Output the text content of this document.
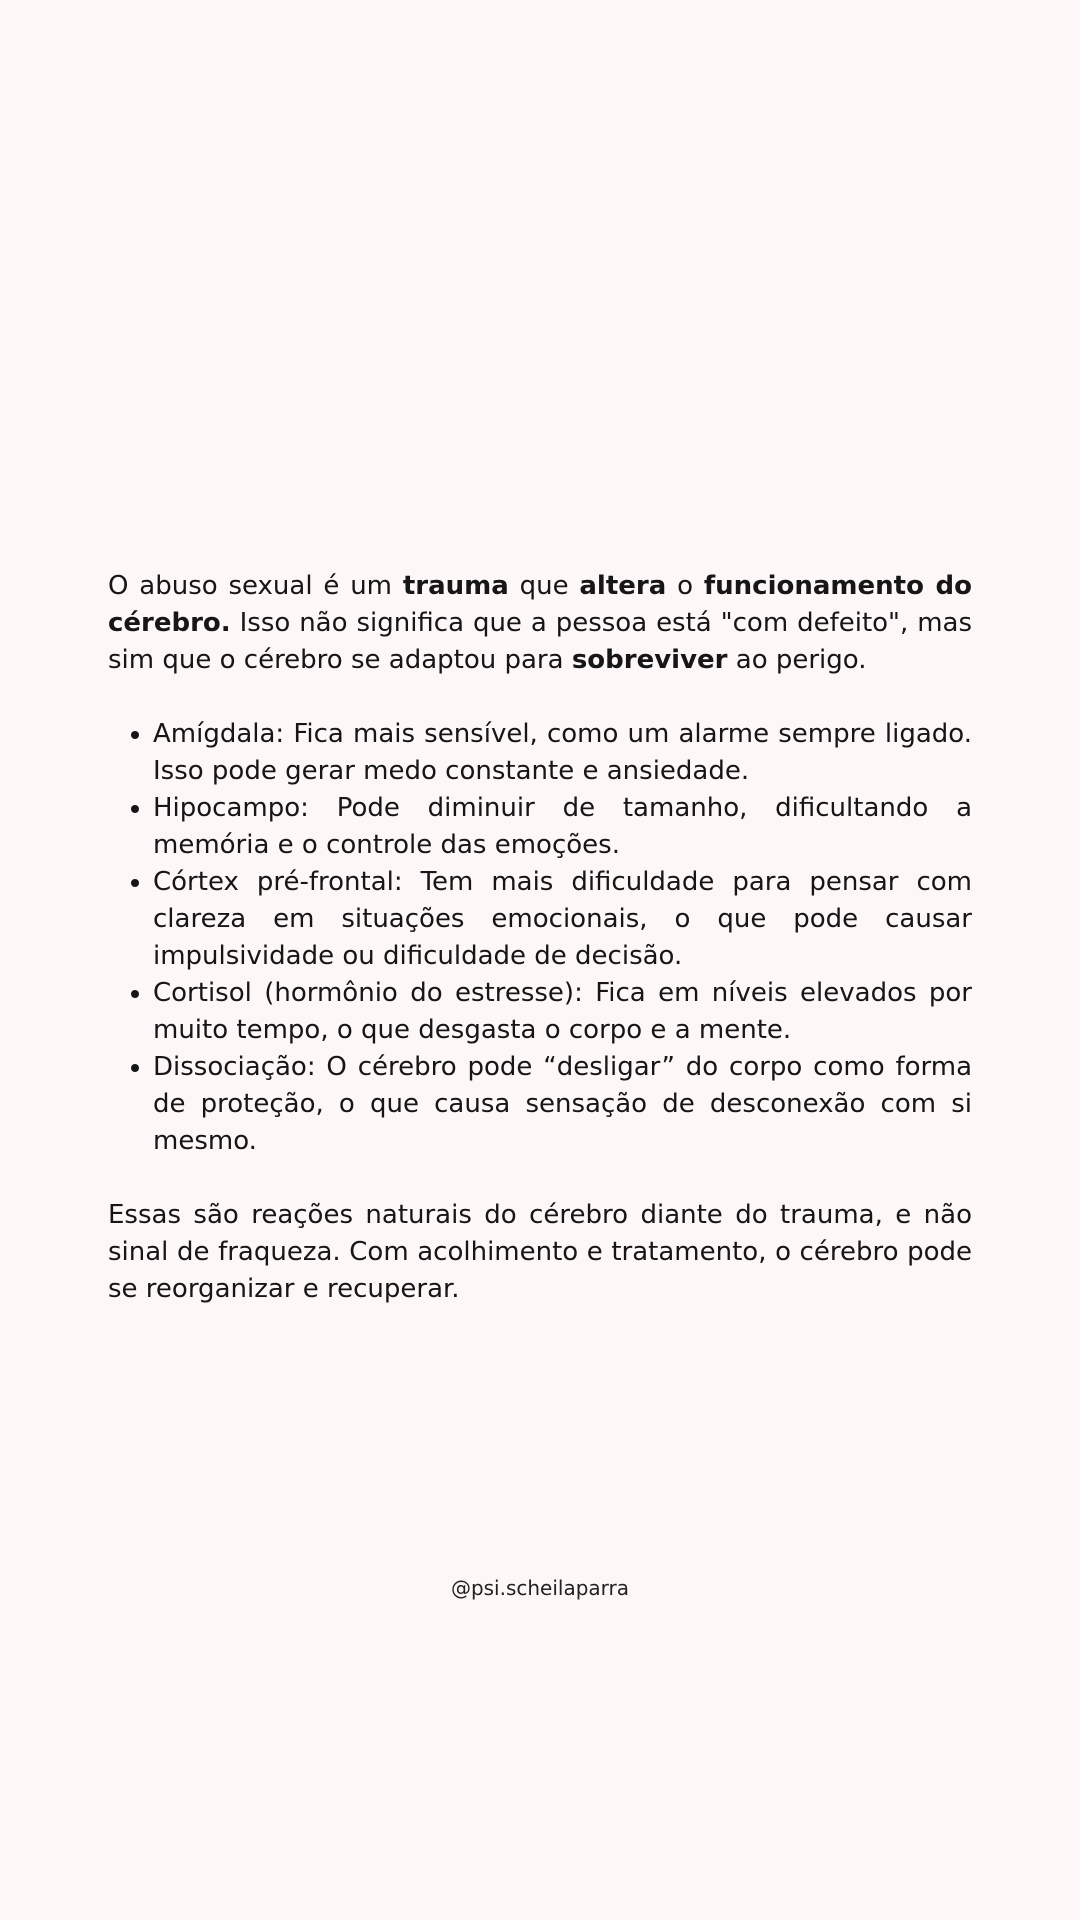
O abuso sexual é um trauma que altera o funcionamento do cérebro. Isso não significa que a pessoa está "com defeito", mas sim que o cérebro se adaptou para sobreviver ao perigo.

• Amígdala: Fica mais sensível, como um alarme sempre ligado. Isso pode gerar medo constante e ansiedade.
• Hipocampo: Pode diminuir de tamanho, dificultando a memória e o controle das emoções.
• Córtex pré-frontal: Tem mais dificuldade para pensar com clareza em situações emocionais, o que pode causar impulsividade ou dificuldade de decisão.
• Cortisol (hormônio do estresse): Fica em níveis elevados por muito tempo, o que desgasta o corpo e a mente.
• Dissociação: O cérebro pode “desligar” do corpo como forma de proteção, o que causa sensação de desconexão com si mesmo.

Essas são reações naturais do cérebro diante do trauma, e não sinal de fraqueza. Com acolhimento e tratamento, o cérebro pode se reorganizar e recuperar.

@psi.scheilaparra
